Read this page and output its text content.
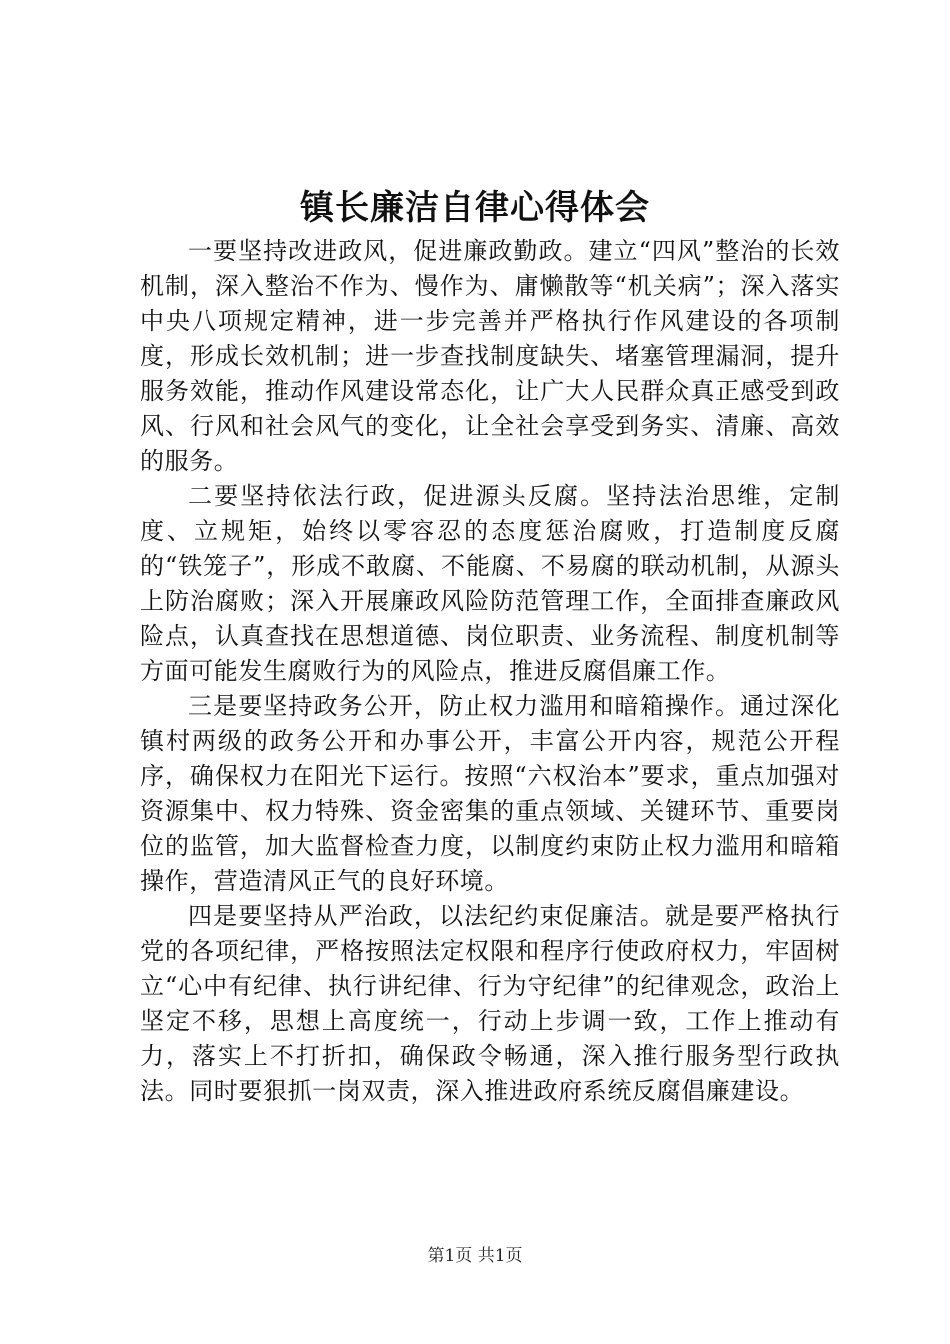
镇长廉洁自律心得体会

一要坚持改进政风，促进廉政勤政。建立“四风”整治的长效机制，深入整治不作为、慢作为、庸懒散等“机关病”；深入落实中央八项规定精神，进一步完善并严格执行作风建设的各项制度，形成长效机制；进一步查找制度缺失、堵塞管理漏洞，提升服务效能，推动作风建设常态化，让广大人民群众真正感受到政风、行风和社会风气的变化，让全社会享受到务实、清廉、高效的服务。

二要坚持依法行政，促进源头反腐。坚持法治思维，定制度、立规矩，始终以零容忍的态度惩治腐败，打造制度反腐的“铁笼子”，形成不敢腐、不能腐、不易腐的联动机制，从源头上防治腐败；深入开展廉政风险防范管理工作，全面排查廉政风险点，认真查找在思想道德、岗位职责、业务流程、制度机制等方面可能发生腐败行为的风险点，推进反腐倡廉工作。

三是要坚持政务公开，防止权力滥用和暗箱操作。通过深化镇村两级的政务公开和办事公开，丰富公开内容，规范公开程序，确保权力在阳光下运行。按照“六权治本”要求，重点加强对资源集中、权力特殊、资金密集的重点领域、关键环节、重要岗位的监管，加大监督检查力度，以制度约束防止权力滥用和暗箱操作，营造清风正气的良好环境。

四是要坚持从严治政，以法纪约束促廉洁。就是要严格执行党的各项纪律，严格按照法定权限和程序行使政府权力，牢固树立“心中有纪律、执行讲纪律、行为守纪律”的纪律观念，政治上坚定不移，思想上高度统一，行动上步调一致，工作上推动有力，落实上不打折扣，确保政令畅通，深入推行服务型行政执法。同时要狠抓一岗双责，深入推进政府系统反腐倡廉建设。

第1页 共1页
